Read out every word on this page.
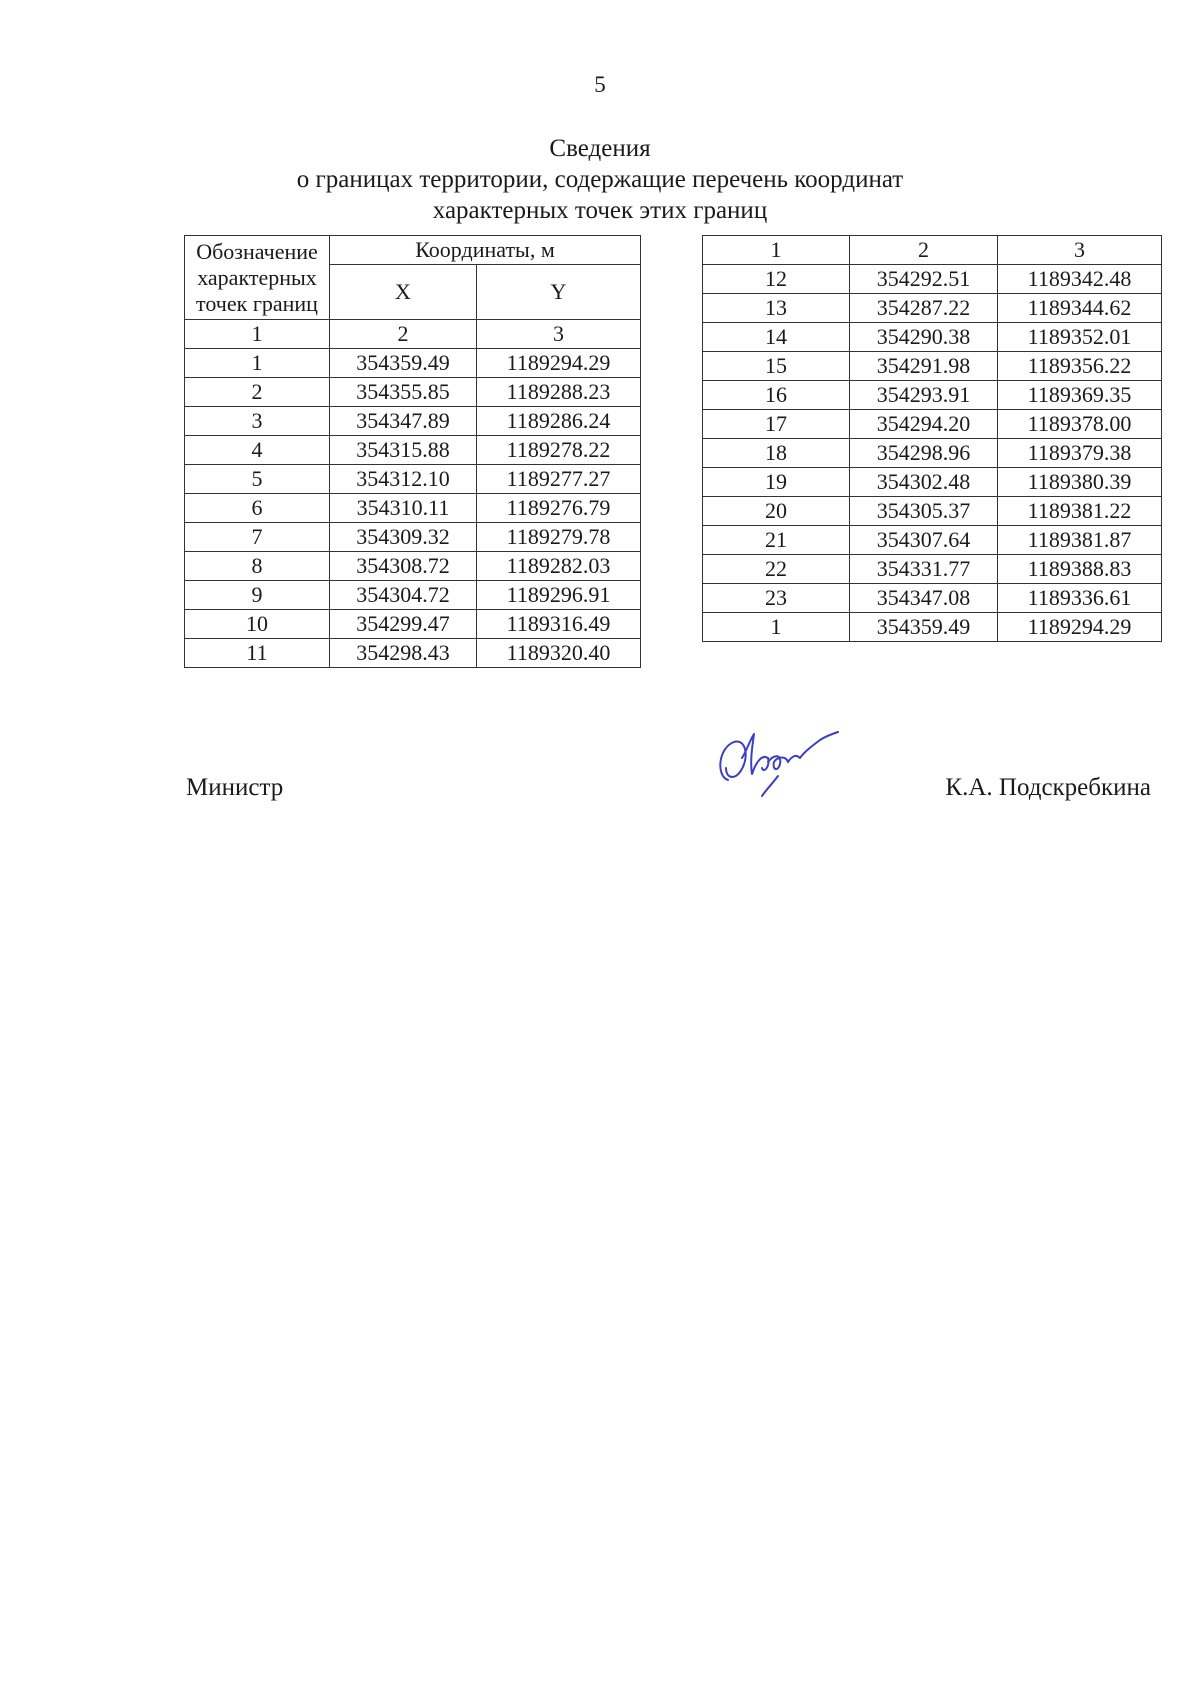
5
Сведения
о границах территории, содержащие перечень координат
характерных точек этих границ
Обозначение характерных точек границ	Координаты, м	
	X	Y
1	2	3
1	354359.49	1189294.29
2	354355.85	1189288.23
3	354347.89	1189286.24
4	354315.88	1189278.22
5	354312.10	1189277.27
6	354310.11	1189276.79
7	354309.32	1189279.78
8	354308.72	1189282.03
9	354304.72	1189296.91
10	354299.47	1189316.49
11	354298.43	1189320.40
1	2	3
12	354292.51	1189342.48
13	354287.22	1189344.62
14	354290.38	1189352.01
15	354291.98	1189356.22
16	354293.91	1189369.35
17	354294.20	1189378.00
18	354298.96	1189379.38
19	354302.48	1189380.39
20	354305.37	1189381.22
21	354307.64	1189381.87
22	354331.77	1189388.83
23	354347.08	1189336.61
1	354359.49	1189294.29
Министр	К.А. Подскребкина
